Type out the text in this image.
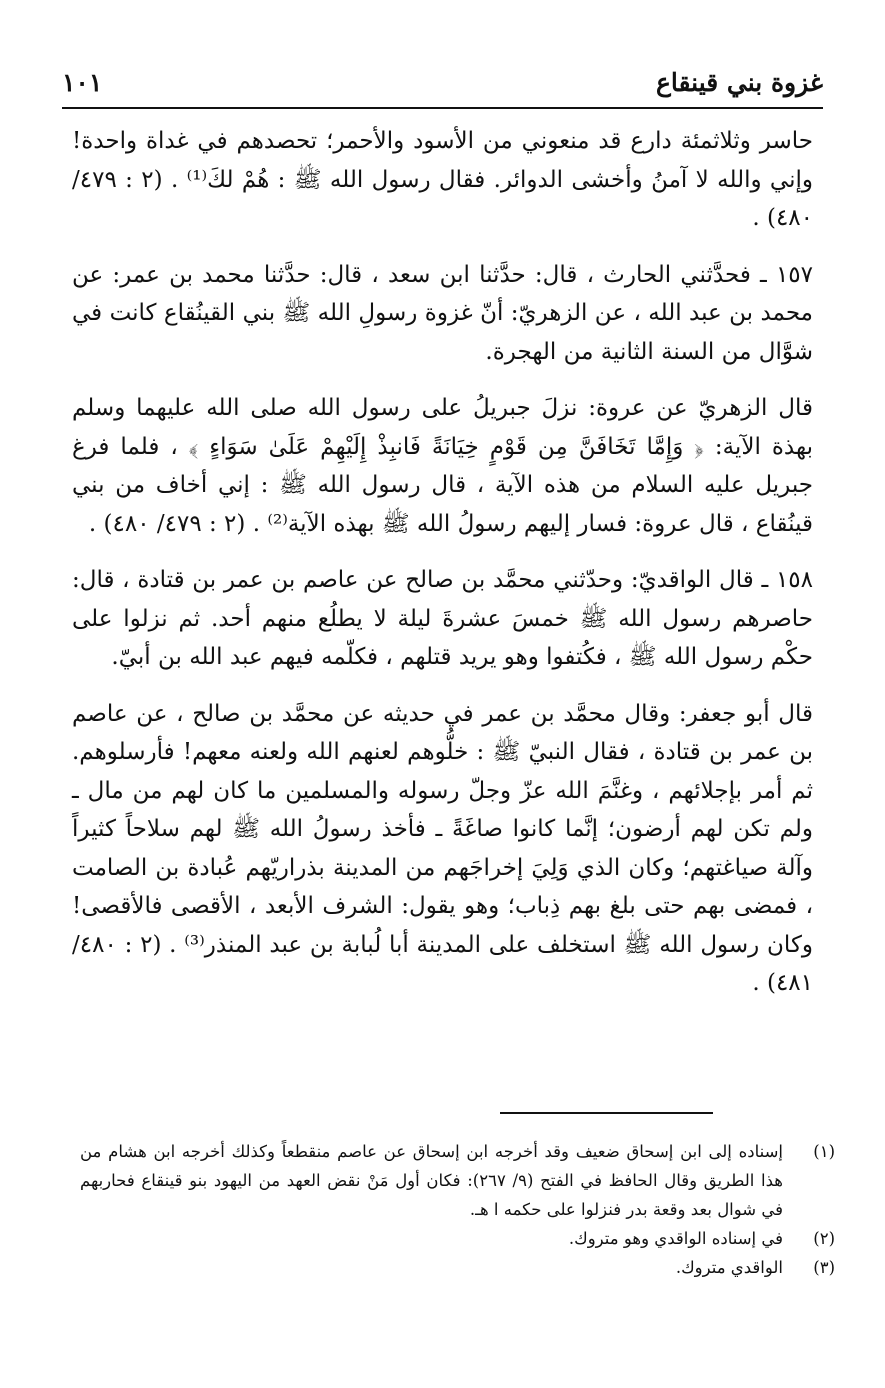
غزوة بني قينقاع
١٠١

حاسر وثلاثمئة دارع قد منعوني من الأسود والأحمر؛ تحصدهم في غداة واحدة! وإني والله لا آمنُ وأخشى الدوائر. فقال رسول الله ﷺ : هُمْ لكَ⁽¹⁾ . (٢ : ٤٧٩/ ٤٨٠) .

١٥٧ ـ فحدَّثني الحارث ، قال: حدَّثنا ابن سعد ، قال: حدَّثنا محمد بن عمر: عن محمد بن عبد الله ، عن الزهريّ: أنّ غزوة رسولِ الله ﷺ بني القينُقاع كانت في شوَّال من السنة الثانية من الهجرة.

قال الزهريّ عن عروة: نزلَ جبريلُ على رسول الله صلى الله عليهما وسلم بهذة الآية: ﴿ وَإِمَّا تَخَافَنَّ مِن قَوْمٍ خِيَانَةً فَانبِذْ إِلَيْهِمْ عَلَىٰ سَوَاءٍ ﴾ ، فلما فرغ جبريل عليه السلام من هذه الآية ، قال رسول الله ﷺ : إني أخاف من بني قينُقاع ، قال عروة: فسار إليهم رسولُ الله ﷺ بهذه الآية⁽²⁾ . (٢ : ٤٧٩/ ٤٨٠) .

١٥٨ ـ قال الواقديّ: وحدّثني محمَّد بن صالح عن عاصم بن عمر بن قتادة ، قال: حاصرهم رسول الله ﷺ خمسَ عشرةَ ليلة لا يطلُع منهم أحد. ثم نزلوا على حكْم رسول الله ﷺ ، فكُتفوا وهو يريد قتلهم ، فكلّمه فيهم عبد الله بن أبيّ.

قال أبو جعفر: وقال محمَّد بن عمر في حديثه عن محمَّد بن صالح ، عن عاصم بن عمر بن قتادة ، فقال النبيّ ﷺ : خلُّوهم لعنهم الله ولعنه معهم! فأرسلوهم. ثم أمر بإجلائهم ، وغنَّمَ الله عزّ وجلّ رسوله والمسلمين ما كان لهم من مال ـ ولم تكن لهم أرضون؛ إنَّما كانوا صاغَةً ـ فأخذ رسولُ الله ﷺ لهم سلاحاً كثيراً وآلة صياغتهم؛ وكان الذي وَلِيَ إخراجَهم من المدينة بذراريّهم عُبادة بن الصامت ، فمضى بهم حتى بلغ بهم ذِباب؛ وهو يقول: الشرف الأبعد ، الأقصى فالأقصى! وكان رسول الله ﷺ استخلف على المدينة أبا لُبابة بن عبد المنذر⁽³⁾ . (٢ : ٤٨٠/ ٤٨١) .

(١)
إسناده إلى ابن إسحاق ضعيف وقد أخرجه ابن إسحاق عن عاصم منقطعاً وكذلك أخرجه ابن هشام من هذا الطريق وقال الحافظ في الفتح (٩/ ٢٦٧): فكان أول مَنْ نقض العهد من اليهود بنو قينقاع فحاربهم في شوال بعد وقعة بدر فنزلوا على حكمه ا هـ.
(٢)
في إسناده الواقدي وهو متروك.
(٣)
الواقدي متروك.
